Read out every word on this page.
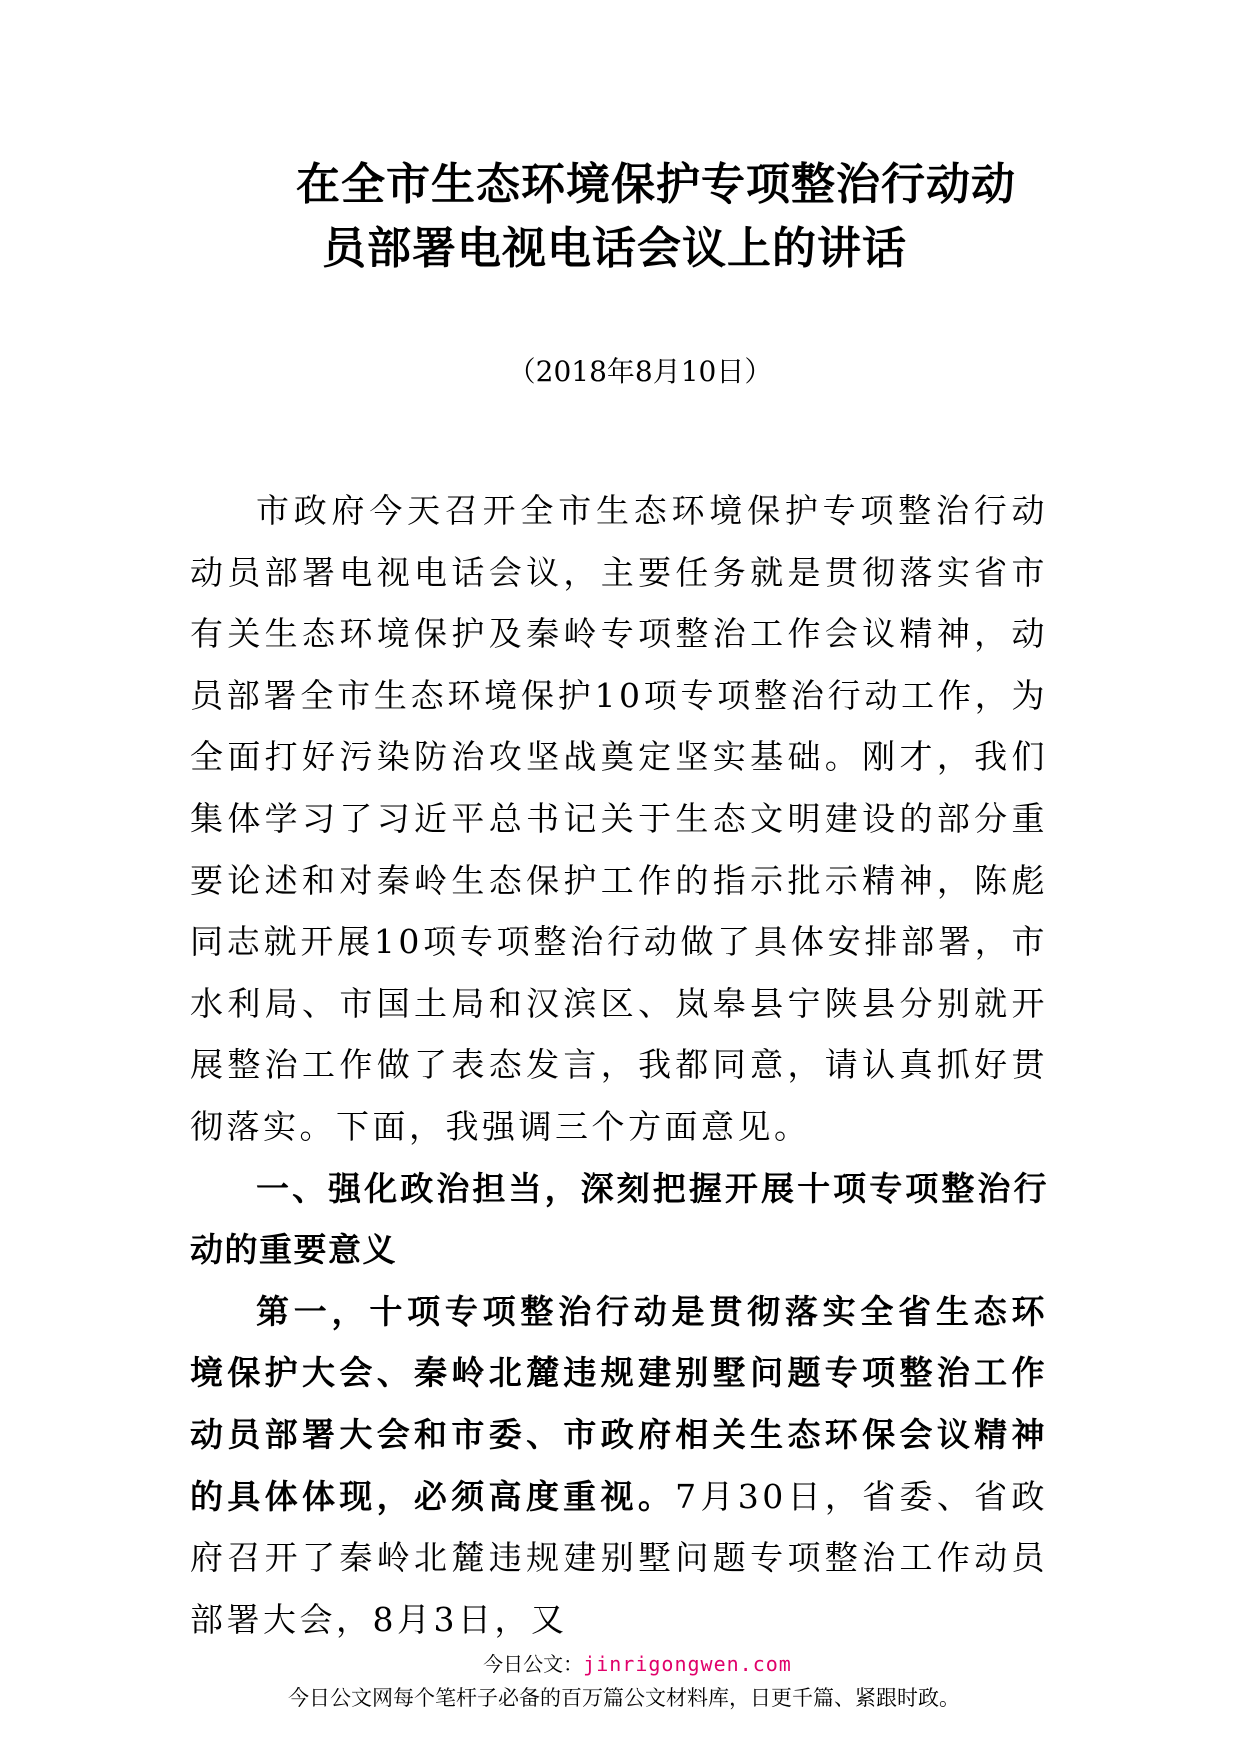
在全市生态环境保护专项整治行动动
员部署电视电话会议上的讲话
（2018年8月10日）

市政府今天召开全市生态环境保护专项整治行动动员部署电视电话会议，主要任务就是贯彻落实省市有关生态环境保护及秦岭专项整治工作会议精神，动员部署全市生态环境保护10项专项整治行动工作，为全面打好污染防治攻坚战奠定坚实基础。刚才，我们集体学习了习近平总书记关于生态文明建设的部分重要论述和对秦岭生态保护工作的指示批示精神，陈彪同志就开展10项专项整治行动做了具体安排部署，市水利局、市国土局和汉滨区、岚皋县宁陕县分别就开展整治工作做了表态发言，我都同意，请认真抓好贯彻落实。下面，我强调三个方面意见。

一、强化政治担当，深刻把握开展十项专项整治行动的重要意义

第一，十项专项整治行动是贯彻落实全省生态环境保护大会、秦岭北麓违规建别墅问题专项整治工作动员部署大会和市委、市政府相关生态环保会议精神的具体体现，必须高度重视。7月30日，省委、省政府召开了秦岭北麓违规建别墅问题专项整治工作动员部署大会，8月3日，又

今日公文：jinrigongwen.com
今日公文网每个笔杆子必备的百万篇公文材料库，日更千篇、紧跟时政。
